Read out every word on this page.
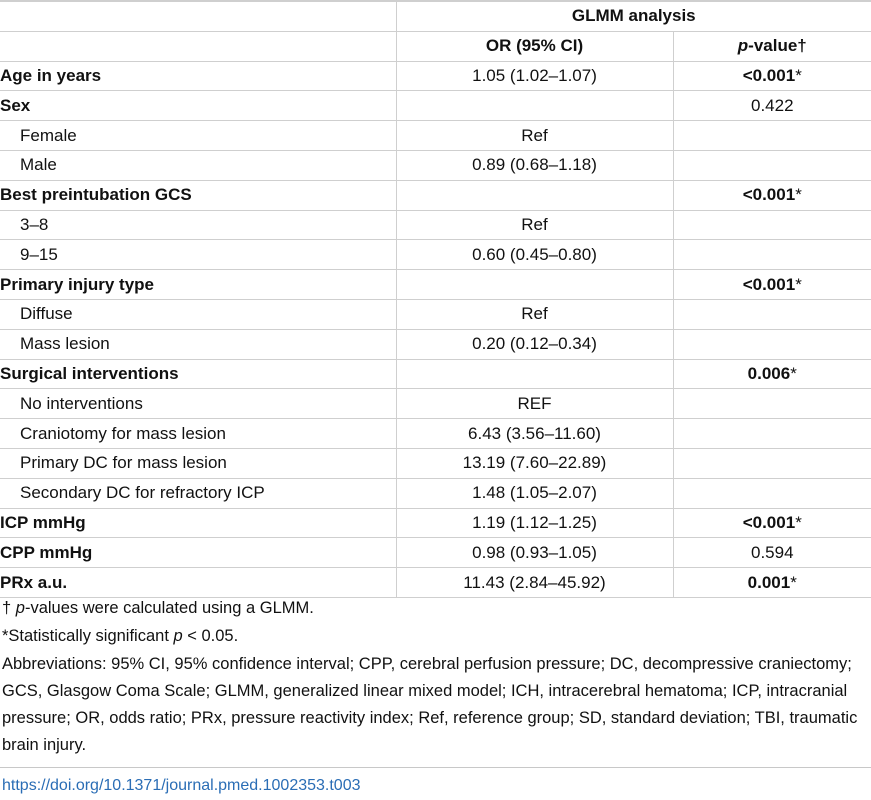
	GLMM analysis	
	OR (95% CI)	p-value†
Age in years	1.05 (1.02–1.07)	<0.001*
Sex		0.422
Female	Ref	
Male	0.89 (0.68–1.18)	
Best preintubation GCS		<0.001*
3–8	Ref	
9–15	0.60 (0.45–0.80)	
Primary injury type		<0.001*
Diffuse	Ref	
Mass lesion	0.20 (0.12–0.34)	
Surgical interventions		0.006*
No interventions	REF	
Craniotomy for mass lesion	6.43 (3.56–11.60)	
Primary DC for mass lesion	13.19 (7.60–22.89)	
Secondary DC for refractory ICP	1.48 (1.05–2.07)	
ICP mmHg	1.19 (1.12–1.25)	<0.001*
CPP mmHg	0.98 (0.93–1.05)	0.594
PRx a.u.	11.43 (2.84–45.92)	0.001*

† p-values were calculated using a GLMM.

*Statistically significant p < 0.05.

Abbreviations: 95% CI, 95% confidence interval; CPP, cerebral perfusion pressure; DC, decompressive craniectomy; GCS, Glasgow Coma Scale; GLMM, generalized linear mixed model; ICH, intracerebral hematoma; ICP, intracranial pressure; OR, odds ratio; PRx, pressure reactivity index; Ref, reference group; SD, standard deviation; TBI, traumatic brain injury.

https://doi.org/10.1371/journal.pmed.1002353.t003
